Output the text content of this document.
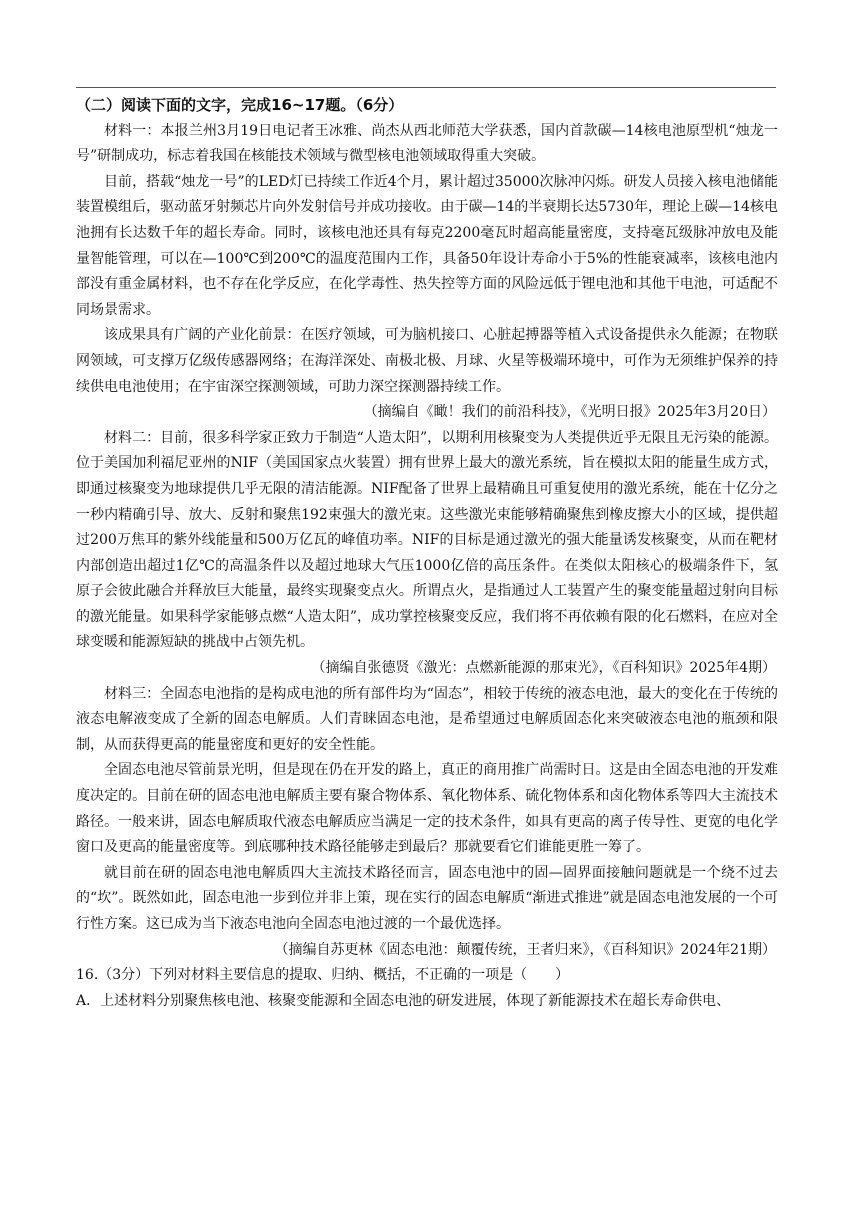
（二）阅读下面的文字，完成16~17题。（6分）

材料一：本报兰州3月19日电记者王冰雅、尚杰从西北师范大学获悉，国内首款碳—14核电池原型机“烛龙一号”研制成功，标志着我国在核能技术领域与微型核电池领域取得重大突破。

目前，搭载“烛龙一号”的LED灯已持续工作近4个月，累计超过35000次脉冲闪烁。研发人员接入核电池储能装置模组后，驱动蓝牙射频芯片向外发射信号并成功接收。由于碳—14的半衰期长达5730年，理论上碳—14核电池拥有长达数千年的超长寿命。同时，该核电池还具有每克2200毫瓦时超高能量密度，支持毫瓦级脉冲放电及能量智能管理，可以在—100℃到200℃的温度范围内工作，具备50年设计寿命小于5%的性能衰减率，该核电池内部没有重金属材料，也不存在化学反应，在化学毒性、热失控等方面的风险远低于锂电池和其他干电池，可适配不同场景需求。

该成果具有广阔的产业化前景：在医疗领域，可为脑机接口、心脏起搏器等植入式设备提供永久能源；在物联网领域，可支撑万亿级传感器网络；在海洋深处、南极北极、月球、火星等极端环境中，可作为无须维护保养的持续供电电池使用；在宇宙深空探测领域，可助力深空探测器持续工作。

（摘编自《瞰！我们的前沿科技》，《光明日报》2025年3月20日）

材料二：目前，很多科学家正致力于制造“人造太阳”，以期利用核聚变为人类提供近乎无限且无污染的能源。位于美国加利福尼亚州的NIF（美国国家点火装置）拥有世界上最大的激光系统，旨在模拟太阳的能量生成方式，即通过核聚变为地球提供几乎无限的清洁能源。NIF配备了世界上最精确且可重复使用的激光系统，能在十亿分之一秒内精确引导、放大、反射和聚焦192束强大的激光束。这些激光束能够精确聚焦到橡皮擦大小的区域，提供超过200万焦耳的紫外线能量和500万亿瓦的峰值功率。NIF的目标是通过激光的强大能量诱发核聚变，从而在靶材内部创造出超过1亿℃的高温条件以及超过地球大气压1000亿倍的高压条件。在类似太阳核心的极端条件下，氢原子会彼此融合并释放巨大能量，最终实现聚变点火。所谓点火，是指通过人工装置产生的聚变能量超过射向目标的激光能量。如果科学家能够点燃“人造太阳”，成功掌控核聚变反应，我们将不再依赖有限的化石燃料，在应对全球变暖和能源短缺的挑战中占领先机。

（摘编自张德贤《激光：点燃新能源的那束光》，《百科知识》2025年4期）

材料三：全固态电池指的是构成电池的所有部件均为“固态”，相较于传统的液态电池，最大的变化在于传统的液态电解液变成了全新的固态电解质。人们青睐固态电池，是希望通过电解质固态化来突破液态电池的瓶颈和限制，从而获得更高的能量密度和更好的安全性能。

全固态电池尽管前景光明，但是现在仍在开发的路上，真正的商用推广尚需时日。这是由全固态电池的开发难度决定的。目前在研的固态电池电解质主要有聚合物体系、氧化物体系、硫化物体系和卤化物体系等四大主流技术路径。一般来讲，固态电解质取代液态电解质应当满足一定的技术条件，如具有更高的离子传导性、更宽的电化学窗口及更高的能量密度等。到底哪种技术路径能够走到最后？那就要看它们谁能更胜一筹了。

就目前在研的固态电池电解质四大主流技术路径而言，固态电池中的固—固界面接触问题就是一个绕不过去的“坎”。既然如此，固态电池一步到位并非上策，现在实行的固态电解质“渐进式推进”就是固态电池发展的一个可行性方案。这已成为当下液态电池向全固态电池过渡的一个最优选择。

（摘编自苏更林《固态电池：颠覆传统，王者归来》，《百科知识》2024年21期）

16.（3分）下列对材料主要信息的提取、归纳、概括，不正确的一项是（　　）

A．上述材料分别聚焦核电池、核聚变能源和全固态电池的研发进展，体现了新能源技术在超长寿命供电、
